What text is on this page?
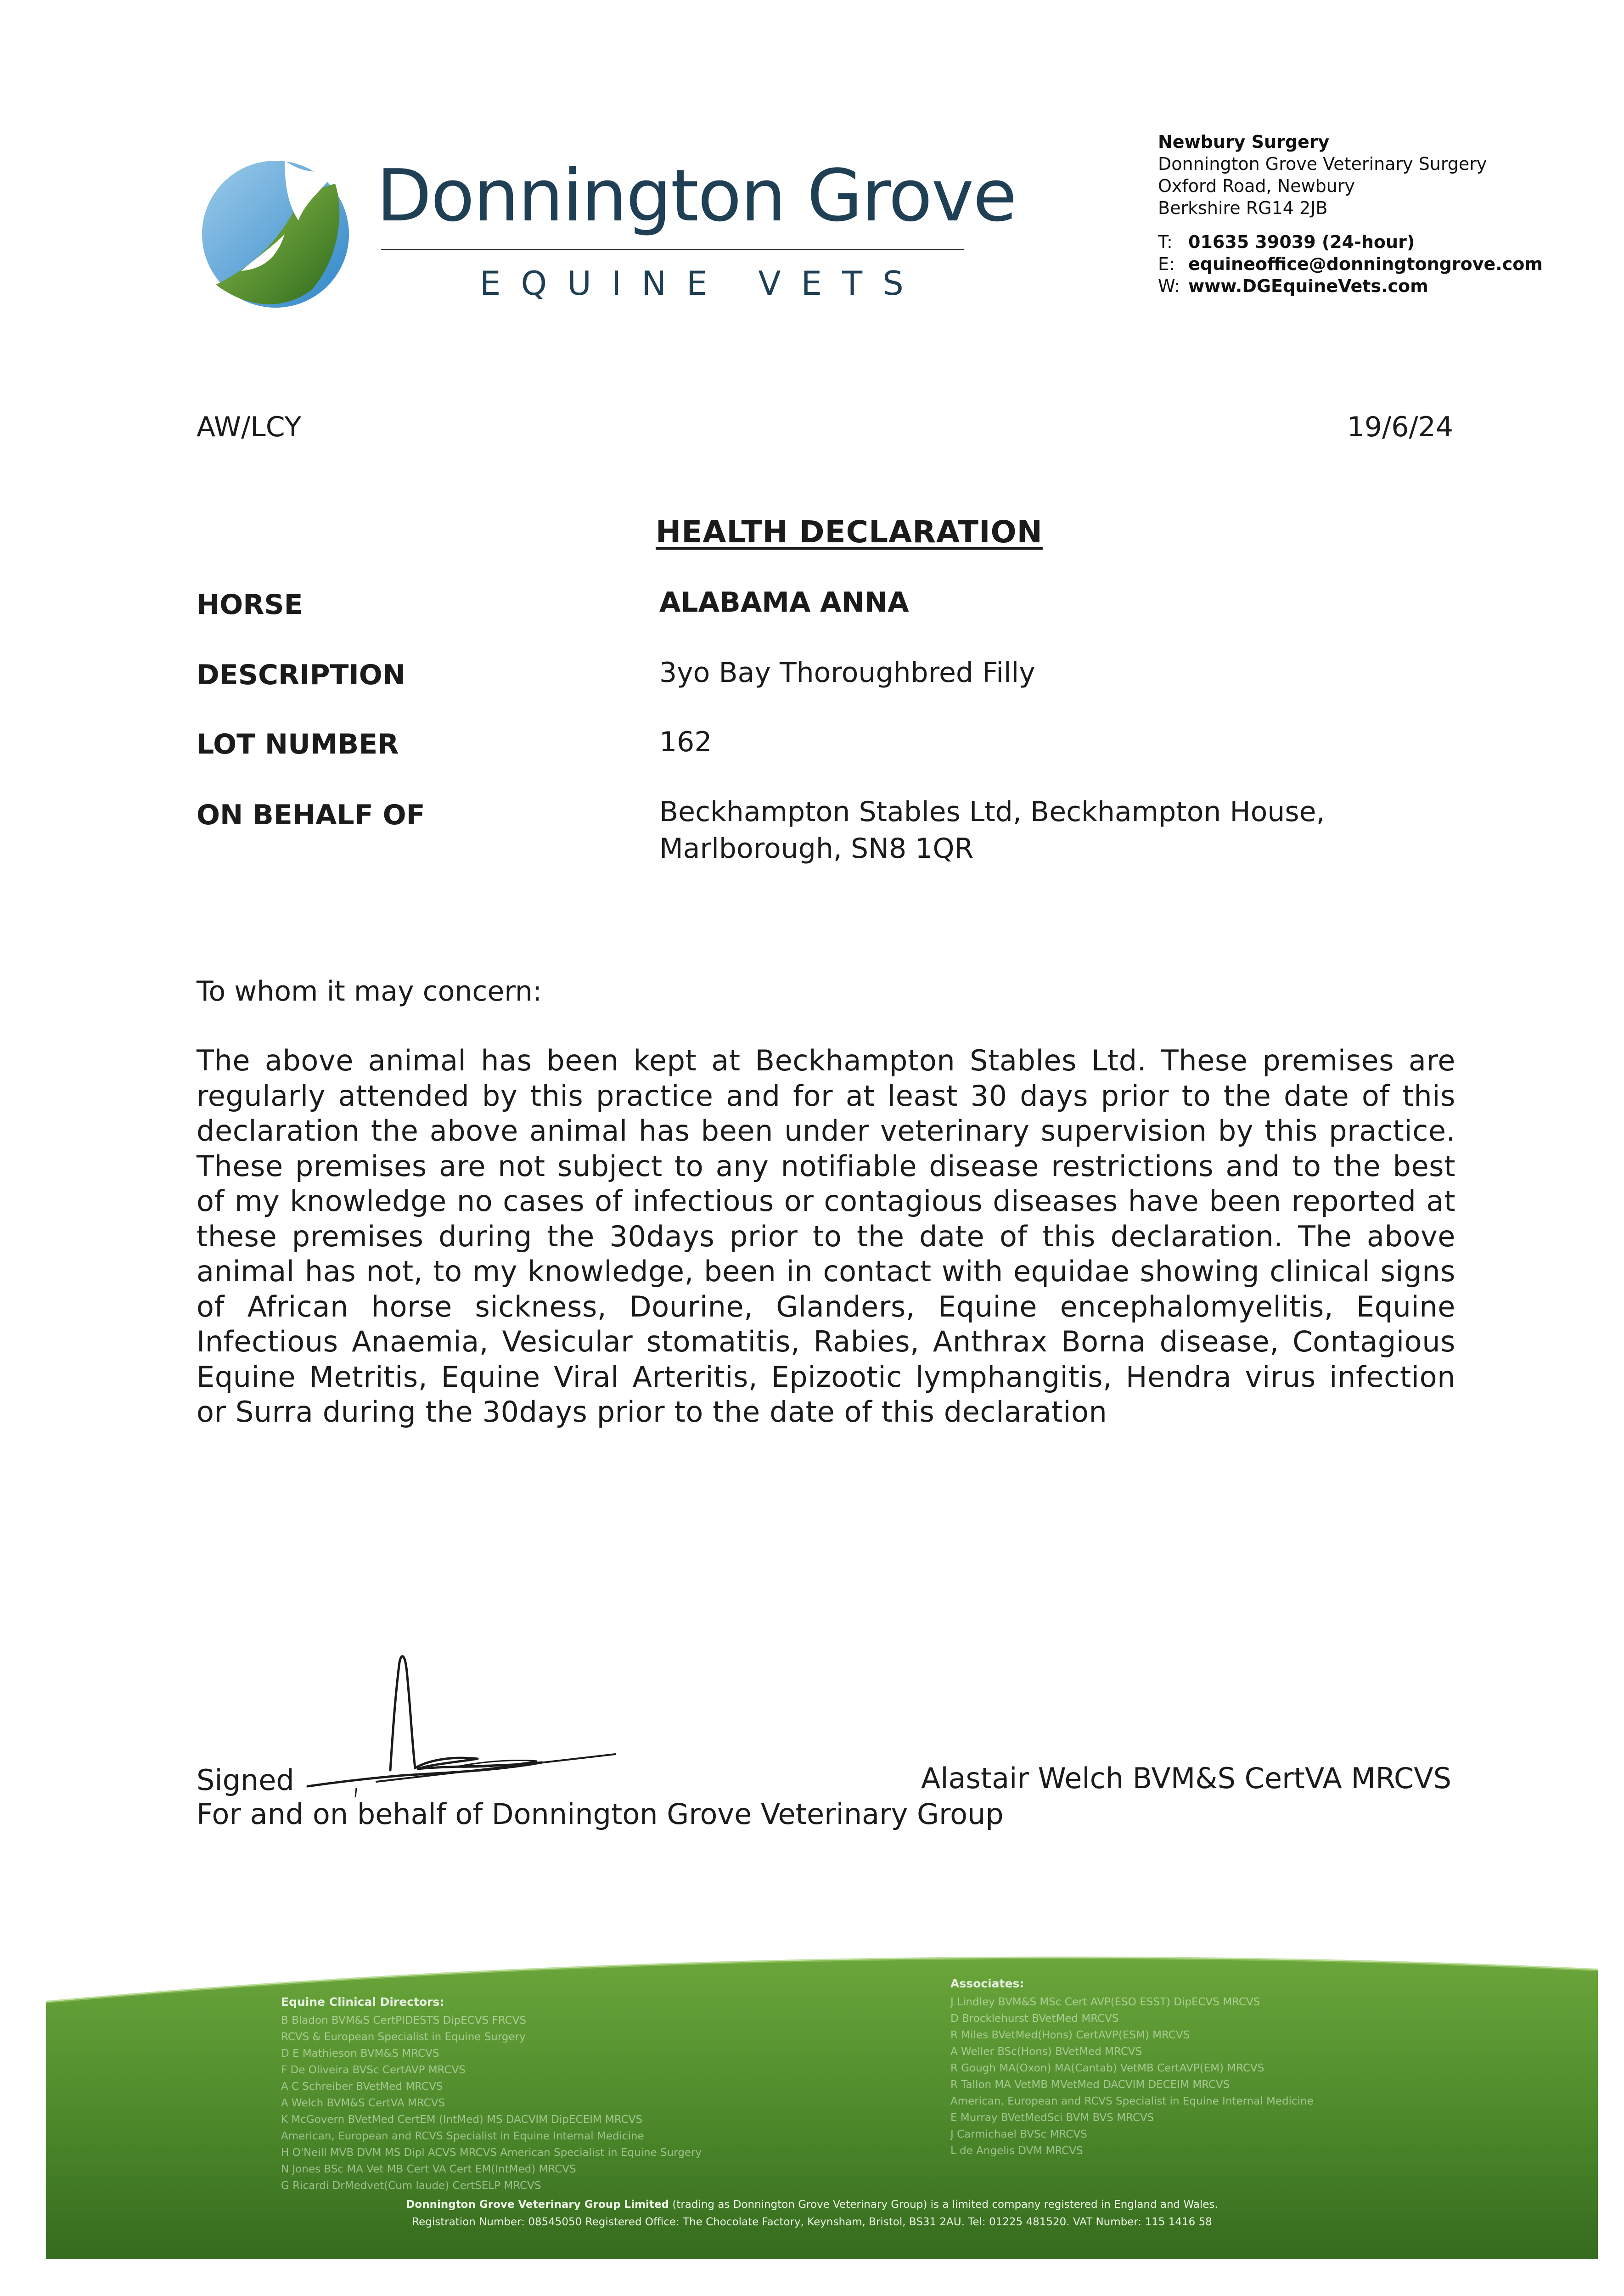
Donnington Grove
EQUINE VETS
Newbury Surgery
Donnington Grove Veterinary Surgery
Oxford Road, Newbury
Berkshire RG14 2JB
T: 01635 39039 (24-hour)
E: equineoffice@donningtongrove.com
W: www.DGEquineVets.com
AW/LCY	19/6/24
HEALTH DECLARATION
HORSE	ALABAMA ANNA
DESCRIPTION	3yo Bay Thoroughbred Filly
LOT NUMBER	162
ON BEHALF OF	Beckhampton Stables Ltd, Beckhampton House,
Marlborough, SN8 1QR
To whom it may concern:
The above animal has been kept at Beckhampton Stables Ltd. These premises are regularly attended by this practice and for at least 30 days prior to the date of this declaration the above animal has been under veterinary supervision by this practice. These premises are not subject to any notifiable disease restrictions and to the best of my knowledge no cases of infectious or contagious diseases have been reported at these premises during the 30days prior to the date of this declaration. The above animal has not, to my knowledge, been in contact with equidae showing clinical signs of African horse sickness, Dourine, Glanders, Equine encephalomyelitis, Equine Infectious Anaemia, Vesicular stomatitis, Rabies, Anthrax Borna disease, Contagious Equine Metritis, Equine Viral Arteritis, Epizootic lymphangitis, Hendra virus infection or Surra during the 30days prior to the date of this declaration
Signed	Alastair Welch BVM&S CertVA MRCVS
For and on behalf of Donnington Grove Veterinary Group
Equine Clinical Directors:
B Bladon BVM&S CertPIDESTS DipECVS FRCVS
RCVS & European Specialist in Equine Surgery
D E Mathieson BVM&S MRCVS
F De Oliveira BVSc CertAVP MRCVS
A C Schreiber BVetMed MRCVS
A Welch BVM&S CertVA MRCVS
K McGovern BVetMed CertEM (IntMed) MS DACVIM DipECEIM MRCVS
American, European and RCVS Specialist in Equine Internal Medicine
H O'Neill MVB DVM MS Dipl ACVS MRCVS American Specialist in Equine Surgery
N Jones BSc MA Vet MB Cert VA Cert EM(IntMed) MRCVS
G Ricardi DrMedvet(Cum laude) CertSELP MRCVS
Associates:
J Lindley BVM&S MSc Cert AVP(ESO ESST) DipECVS MRCVS
D Brocklehurst BVetMed MRCVS
R Miles BVetMed(Hons) CertAVP(ESM) MRCVS
A Weller BSc(Hons) BVetMed MRCVS
R Gough MA(Oxon) MA(Cantab) VetMB CertAVP(EM) MRCVS
R Tallon MA VetMB MVetMed DACVIM DECEIM MRCVS
American, European and RCVS Specialist in Equine Internal Medicine
E Murray BVetMedSci BVM BVS MRCVS
J Carmichael BVSc MRCVS
L de Angelis DVM MRCVS
Donnington Grove Veterinary Group Limited (trading as Donnington Grove Veterinary Group) is a limited company registered in England and Wales.
Registration Number: 08545050 Registered Office: The Chocolate Factory, Keynsham, Bristol, BS31 2AU. Tel: 01225 481520. VAT Number: 115 1416 58
